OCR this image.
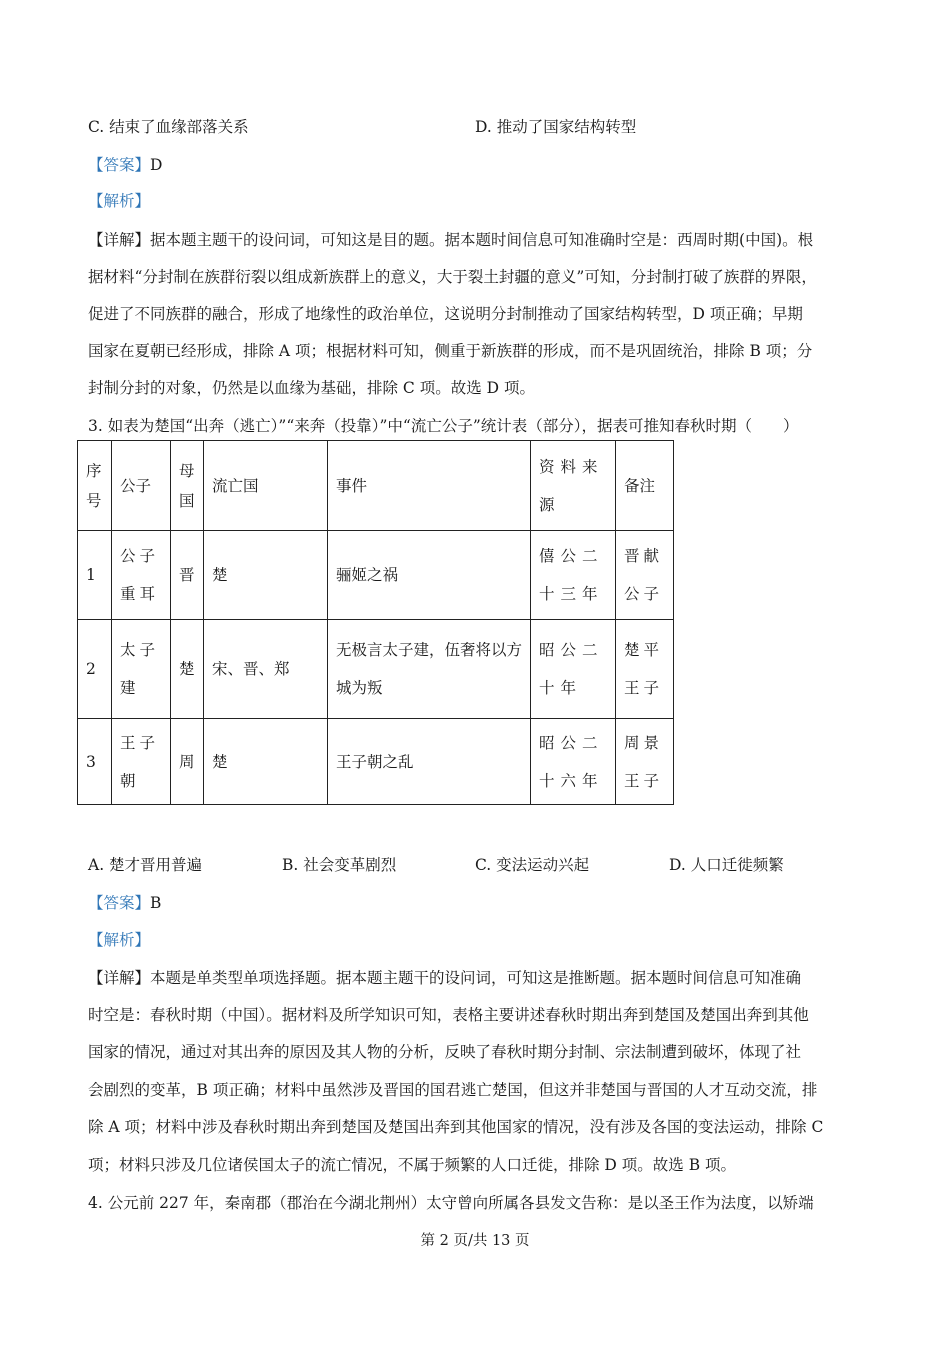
C. 结束了血缘部落关系	D. 推动了国家结构转型
【答案】D
【解析】
【详解】据本题主题干的设问词，可知这是目的题。据本题时间信息可知准确时空是：西周时期(中国)。根
据材料“分封制在族群衍裂以组成新族群上的意义，大于裂土封疆的意义”可知，分封制打破了族群的界限，
促进了不同族群的融合，形成了地缘性的政治单位，这说明分封制推动了国家结构转型，D 项正确；早期
国家在夏朝已经形成，排除 A 项；根据材料可知，侧重于新族群的形成，而不是巩固统治，排除 B 项；分
封制分封的对象，仍然是以血缘为基础，排除 C 项。故选 D 项。
3. 如表为楚国“出奔（逃亡）”“来奔（投靠）”中“流亡公子”统计表（部分），据表可推知春秋时期（　　）
序号	公子	母国	流亡国	事件	资料来源	备注
1	公子重耳	晋	楚	骊姬之祸	僖公二十三年	晋献公子
2	太子建	楚	宋、晋、郑	无极言太子建，伍奢将以方城为叛	昭公二十年	楚平王子
3	王子朝	周	楚	王子朝之乱	昭公二十六年	周景王子
A. 楚才晋用普遍	B. 社会变革剧烈	C. 变法运动兴起	D. 人口迁徙频繁
【答案】B
【解析】
【详解】本题是单类型单项选择题。据本题主题干的设问词，可知这是推断题。据本题时间信息可知准确
时空是：春秋时期（中国）。据材料及所学知识可知，表格主要讲述春秋时期出奔到楚国及楚国出奔到其他
国家的情况，通过对其出奔的原因及其人物的分析，反映了春秋时期分封制、宗法制遭到破坏，体现了社
会剧烈的变革，B 项正确；材料中虽然涉及晋国的国君逃亡楚国，但这并非楚国与晋国的人才互动交流，排
除 A 项；材料中涉及春秋时期出奔到楚国及楚国出奔到其他国家的情况，没有涉及各国的变法运动，排除 C
项；材料只涉及几位诸侯国太子的流亡情况，不属于频繁的人口迁徙，排除 D 项。故选 B 项。
4. 公元前 227 年，秦南郡（郡治在今湖北荆州）太守曾向所属各县发文告称：是以圣王作为法度，以矫端
第 2 页/共 13 页
